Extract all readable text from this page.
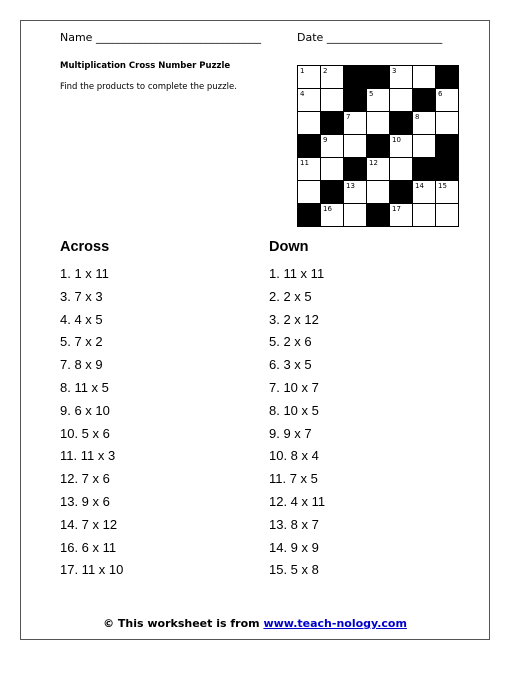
Name ______________________________	Date _____________________
Multiplication Cross Number Puzzle
Find the products to complete the puzzle.
1	2	3
4	5	6
7	8
9	10
11	12
13	14 15
16	17
Across
1. 1 x 11
3. 7 x 3
4. 4 x 5
5. 7 x 2
7. 8 x 9
8. 11 x 5
9. 6 x 10
10. 5 x 6
11. 11 x 3
12. 7 x 6
13. 9 x 6
14. 7 x 12
16. 6 x 11
17. 11 x 10
Down
1. 11 x 11
2. 2 x 5
3. 2 x 12
5. 2 x 6
6. 3 x 5
7. 10 x 7
8. 10 x 5
9. 9 x 7
10. 8 x 4
11. 7 x 5
12. 4 x 11
13. 8 x 7
14. 9 x 9
15. 5 x 8
© This worksheet is from www.teach-nology.com
